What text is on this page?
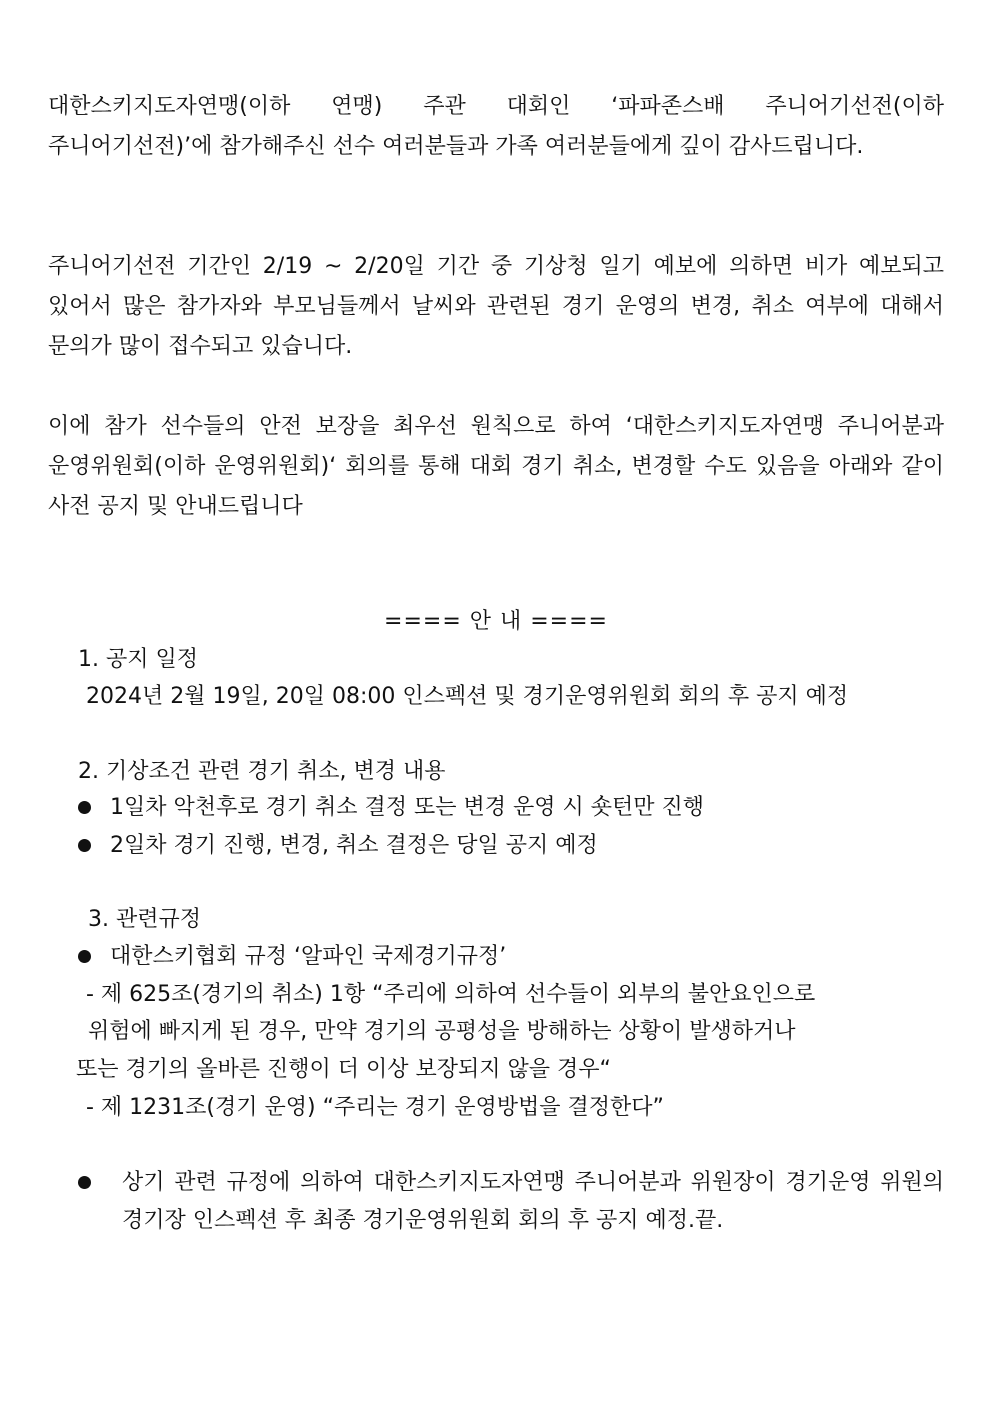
대한스키지도자연맹(이하 연맹) 주관 대회인 ‘파파존스배 주니어기선전(이하 주니어기선전)’에 참가해주신 선수 여러분들과 가족 여러분들에게 깊이 감사드립니다.
주니어기선전 기간인 2/19 ~ 2/20일 기간 중 기상청 일기 예보에 의하면 비가 예보되고 있어서 많은 참가자와 부모님들께서 날씨와 관련된 경기 운영의 변경, 취소 여부에 대해서 문의가 많이 접수되고 있습니다.
이에 참가 선수들의 안전 보장을 최우선 원칙으로 하여 ‘대한스키지도자연맹 주니어분과 운영위원회(이하 운영위원회)‘ 회의를 통해 대회 경기 취소, 변경할 수도 있음을 아래와 같이 사전 공지 및 안내드립니다
==== 안 내 ====
1. 공지 일정
2024년 2월 19일, 20일 08:00 인스펙션 및 경기운영위원회 회의 후 공지 예정
2. 기상조건 관련 경기 취소, 변경 내용
1일차 악천후로 경기 취소 결정 또는 변경 운영 시 숏턴만 진행
2일차 경기 진행, 변경, 취소 결정은 당일 공지 예정
3. 관련규정
대한스키협회 규정 ‘알파인 국제경기규정’
- 제 625조(경기의 취소) 1항 “주리에 의하여 선수들이 외부의 불안요인으로
위험에 빠지게 된 경우, 만약 경기의 공평성을 방해하는 상황이 발생하거나
또는 경기의 올바른 진행이 더 이상 보장되지 않을 경우“
- 제 1231조(경기 운영) “주리는 경기 운영방법을 결정한다”
상기 관련 규정에 의하여 대한스키지도자연맹 주니어분과 위원장이 경기운영 위원의 경기장 인스펙션 후 최종 경기운영위원회 회의 후 공지 예정.끝.
